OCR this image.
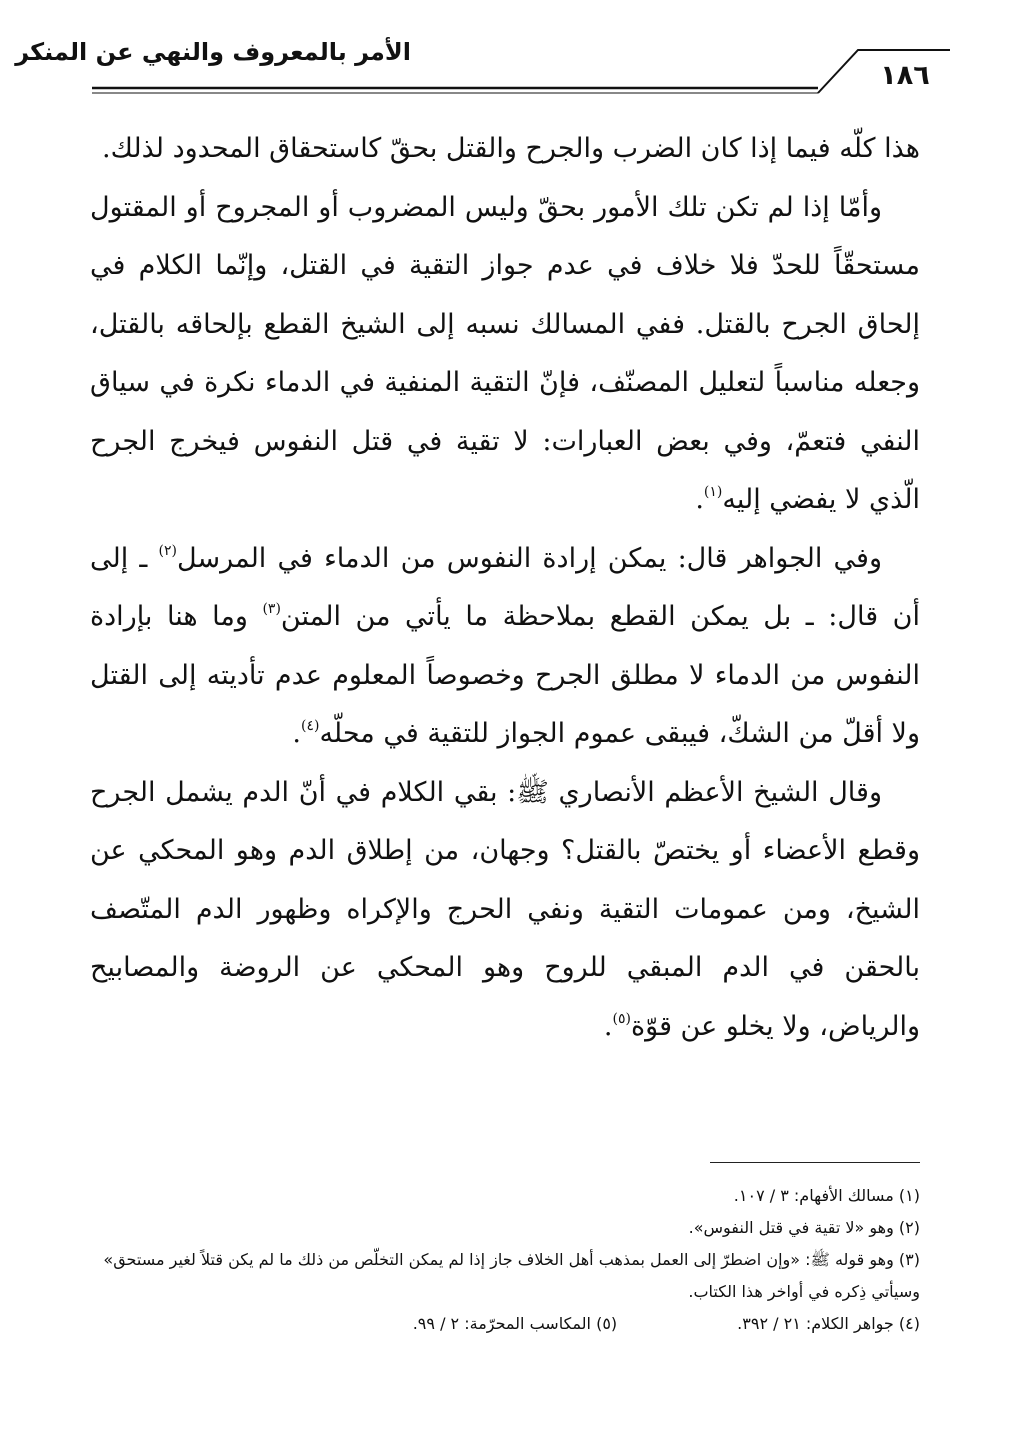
الأمر بالمعروف والنهي عن المنكر
١٨٦

هذا كلّه فيما إذا كان الضرب والجرح والقتل بحقّ كاستحقاق المحدود لذلك.

وأمّا إذا لم تكن تلك الأمور بحقّ وليس المضروب أو المجروح أو المقتول مستحقّاً للحدّ فلا خلاف في عدم جواز التقية في القتل، وإنّما الكلام في إلحاق الجرح بالقتل. ففي المسالك نسبه إلى الشيخ القطع بإلحاقه بالقتل، وجعله مناسباً لتعليل المصنّف، فإنّ التقية المنفية في الدماء نكرة في سياق النفي فتعمّ، وفي بعض العبارات: لا تقية في قتل النفوس فيخرج الجرح الّذي لا يفضي إليه$^{(١)}$.

وفي الجواهر قال: يمكن إرادة النفوس من الدماء في المرسل$^{(٢)}$ ـ إلى أن قال: ـ بل يمكن القطع بملاحظة ما يأتي من المتن$^{(٣)}$ وما هنا بإرادة النفوس من الدماء لا مطلق الجرح وخصوصاً المعلوم عدم تأديته إلى القتل ولا أقلّ من الشكّ، فيبقى عموم الجواز للتقية في محلّه$^{(٤)}$.

وقال الشيخ الأعظم الأنصاري ﷺ: بقي الكلام في أنّ الدم يشمل الجرح وقطع الأعضاء أو يختصّ بالقتل؟ وجهان، من إطلاق الدم وهو المحكي عن الشيخ، ومن عمومات التقية ونفي الحرج والإكراه وظهور الدم المتّصف بالحقن في الدم المبقي للروح وهو المحكي عن الروضة والمصابيح والرياض، ولا يخلو عن قوّة$^{(٥)}$.

(١) مسالك الأفهام: ٣ / ١٠٧.

(٢) وهو «لا تقية في قتل النفوس».

(٣) وهو قوله ﷺ: «وإن اضطرّ إلى العمل بمذهب أهل الخلاف جاز إذا لم يمكن التخلّص من ذلك ما لم يكن قتلاً لغير مستحق» وسيأتي ذِكره في أواخر هذا الكتاب.

(٤) جواهر الكلام: ٢١ / ٣٩٢.
(٥) المكاسب المحرّمة: ٢ / ٩٩.
